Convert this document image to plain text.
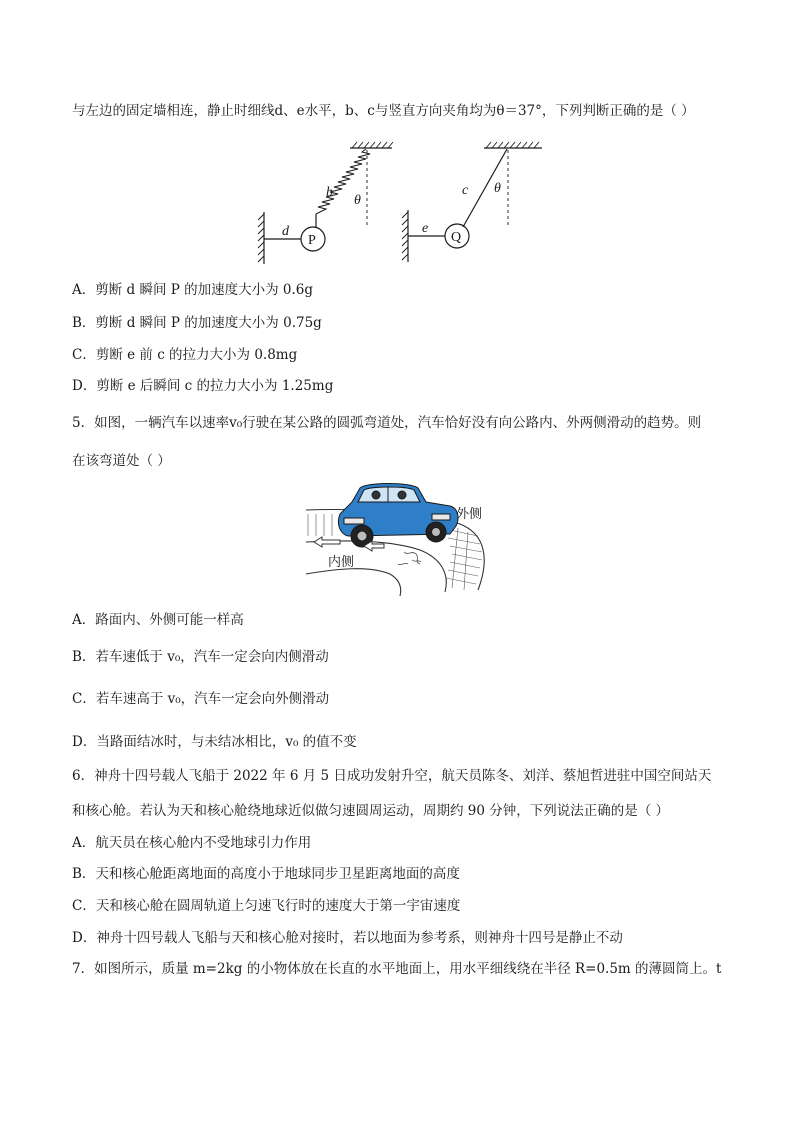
与左边的固定墙相连，静止时细线d、e水平，b、c与竖直方向夹角均为θ＝37°，下列判断正确的是（ ）
b
θ
d
c θ
e
P	Q
A．剪断 d 瞬间 P 的加速度大小为 0.6g
B．剪断 d 瞬间 P 的加速度大小为 0.75g
C．剪断 e 前 c 的拉力大小为 0.8mg
D．剪断 e 后瞬间 c 的拉力大小为 1.25mg
5．如图，一辆汽车以速率v₀行驶在某公路的圆弧弯道处，汽车恰好没有向公路内、外两侧滑动的趋势。则
在该弯道处（ ）
外侧
内侧
A．路面内、外侧可能一样高
B．若车速低于 v₀，汽车一定会向内侧滑动
C．若车速高于 v₀，汽车一定会向外侧滑动
D．当路面结冰时，与未结冰相比，v₀ 的值不变
6．神舟十四号载人飞船于 2022 年 6 月 5 日成功发射升空，航天员陈冬、刘洋、蔡旭哲进驻中国空间站天
和核心舱。若认为天和核心舱绕地球近似做匀速圆周运动，周期约 90 分钟，下列说法正确的是（ ）
A．航天员在核心舱内不受地球引力作用
B．天和核心舱距离地面的高度小于地球同步卫星距离地面的高度
C．天和核心舱在圆周轨道上匀速飞行时的速度大于第一宇宙速度
D．神舟十四号载人飞船与天和核心舱对接时，若以地面为参考系，则神舟十四号是静止不动
7．如图所示，质量 m=2kg 的小物体放在长直的水平地面上，用水平细线绕在半径 R=0.5m 的薄圆筒上。t
